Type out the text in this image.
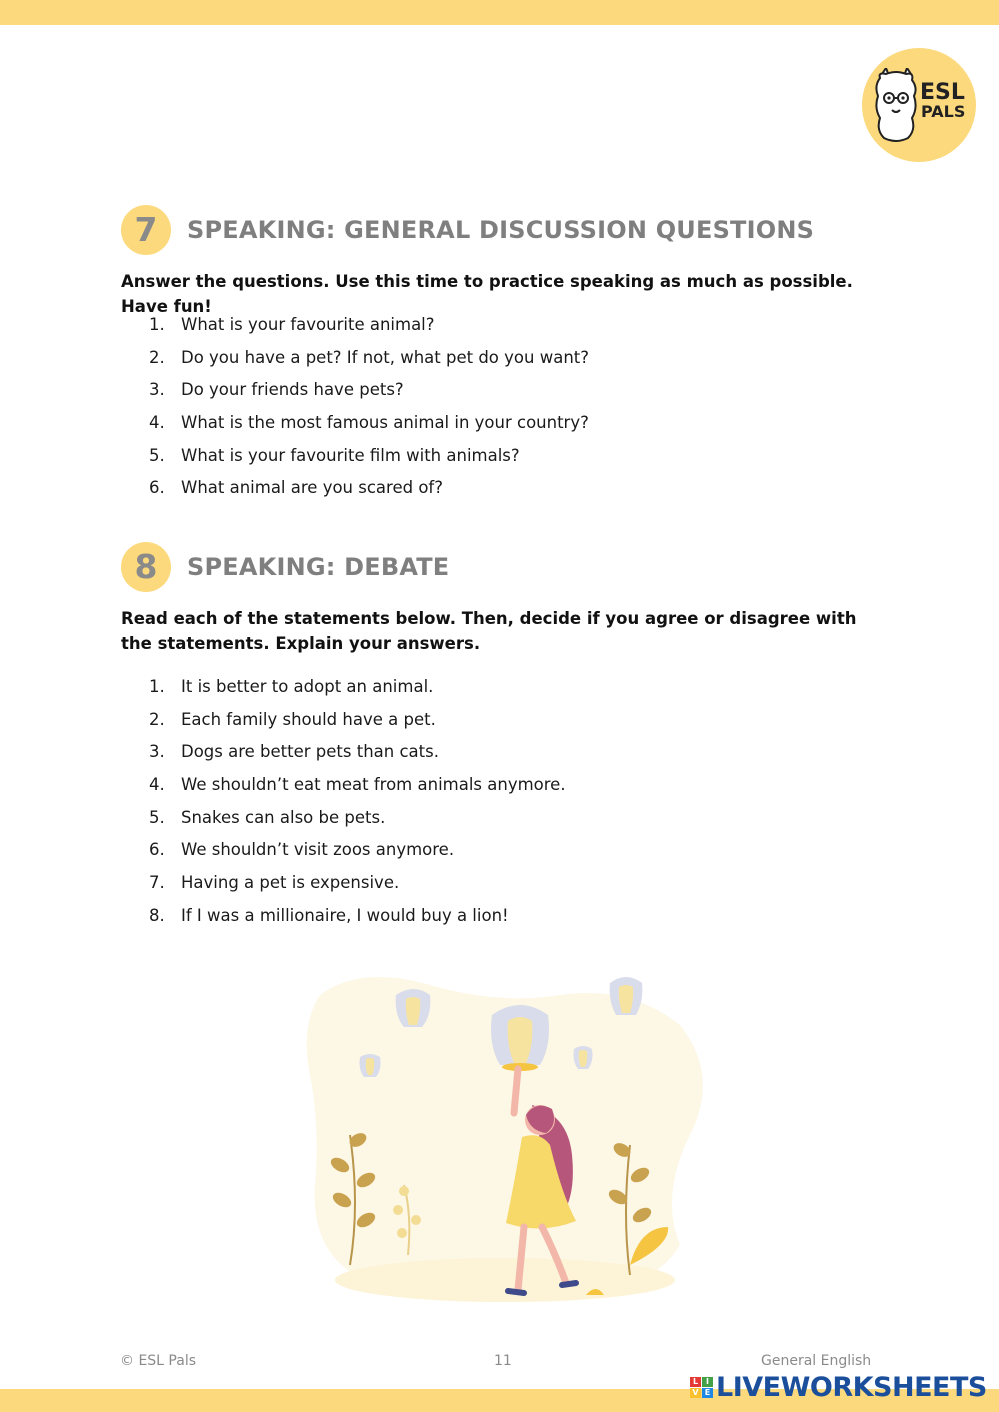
ESL
PALS
7	SPEAKING: GENERAL DISCUSSION QUESTIONS
Answer the questions. Use this time to practice speaking as much as possible. Have fun!
1. What is your favourite animal?
2. Do you have a pet? If not, what pet do you want?
3. Do your friends have pets?
4. What is the most famous animal in your country?
5. What is your favourite film with animals?
6. What animal are you scared of?
8	SPEAKING: DEBATE
Read each of the statements below. Then, decide if you agree or disagree with the statements. Explain your answers.
1. It is better to adopt an animal.
2. Each family should have a pet.
3. Dogs are better pets than cats.
4. We shouldn’t eat meat from animals anymore.
5. Snakes can also be pets.
6. We shouldn’t visit zoos anymore.
7. Having a pet is expensive.
8. If I was a millionaire, I would buy a lion!
© ESL Pals	11	General English
L I
V E LIVEWORKSHEETS
